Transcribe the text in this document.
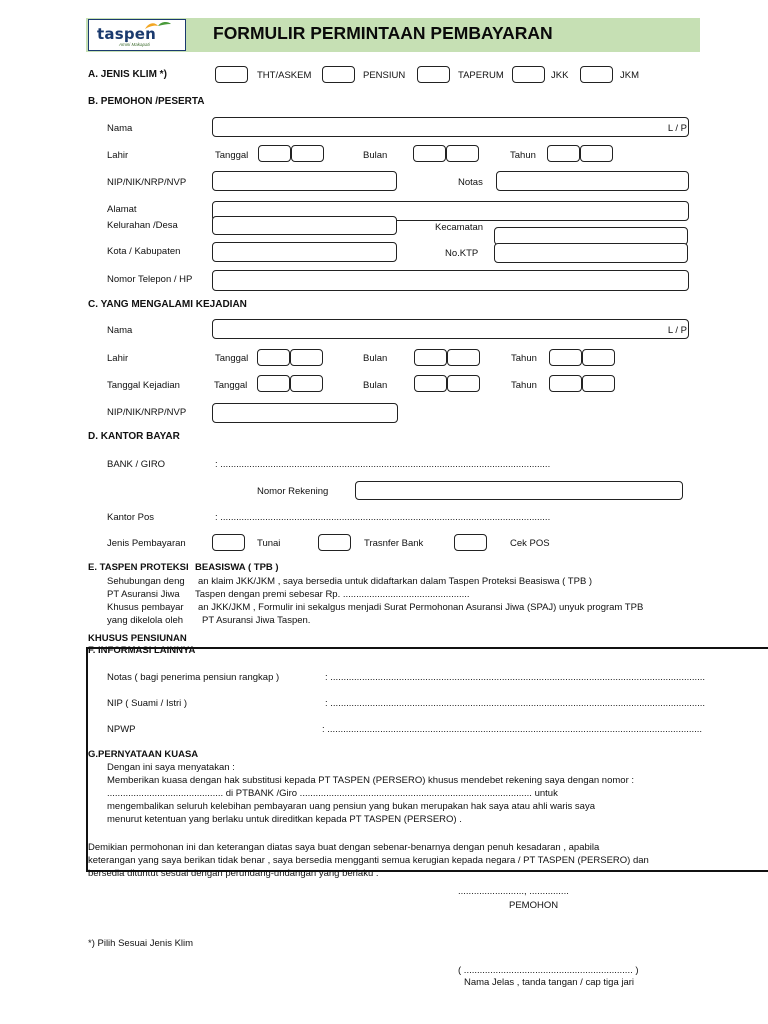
taspen
Amini Makapati
FORMULIR PERMINTAAN PEMBAYARAN
A. JENIS KLIM *)	THT/ASKEM	PENSIUN	TAPERUM	JKK	JKM
B. PEMOHON /PESERTA
Nama	L / P
Lahir	Tanggal	Bulan	Tahun
NIP/NIK/NRP/NVP	Notas
Alamat
Kelurahan /Desa	Kecamatan
Kota / Kabupaten	No.KTP
Nomor Telepon / HP
C. YANG MENGALAMI KEJADIAN
Nama	L / P
Lahir	Tanggal	Bulan	Tahun
Tanggal Kejadian	Tanggal	Bulan	Tahun
NIP/NIK/NRP/NVP
D. KANTOR BAYAR
BANK / GIRO	: .............................................................................................................................
Nomor Rekening
Kantor Pos	: .............................................................................................................................
Jenis Pembayaran	Tunai	Trasnfer Bank	Cek POS
E. TASPEN PROTEKSI BEASISWA ( TPB )
Sehubungan deng an klaim JKK/JKM , saya bersedia untuk didaftarkan dalam Taspen Proteksi Beasiswa ( TPB )
PT Asuransi Jiwa Taspen dengan premi sebesar Rp. ................................................
Khusus pembayar an JKK/JKM , Formulir ini sekalgus menjadi Surat Permohonan Asuransi Jiwa (SPAJ) unyuk program TPB
yang dikelola oleh PT Asuransi Jiwa Taspen.
KHUSUS PENSIUNAN
F. INFORMASI LAINNYA
Notas ( bagi penerima pensiun rangkap )	: ..............................................................................................................................................
NIP ( Suami / Istri )	: ..............................................................................................................................................
NPWP	: ..............................................................................................................................................
G.PERNYATAAN KUASA
Dengan ini saya menyatakan :
Memberikan kuasa dengan hak substitusi kepada PT TASPEN (PERSERO) khusus mendebet rekening saya dengan nomor :
............................................ di PTBANK /Giro ........................................................................................ untuk
mengembalikan seluruh kelebihan pembayaran uang pensiun yang bukan merupakan hak saya atau ahli waris saya
menurut ketentuan yang berlaku untuk direditkan kepada PT TASPEN (PERSERO) .
Demikian permohonan ini dan keterangan diatas saya buat dengan sebenar-benarnya dengan penuh kesadaran , apabila
keterangan yang saya berikan tidak benar , saya bersedia mengganti semua kerugian kepada negara / PT TASPEN (PERSERO) dan
bersedia dituntut sesuai dengan perundang-undangan yang berlaku .
........................., ...............
PEMOHON
( ................................................................ )
Nama Jelas , tanda tangan / cap tiga jari
*) Pilih Sesuai Jenis Klim
